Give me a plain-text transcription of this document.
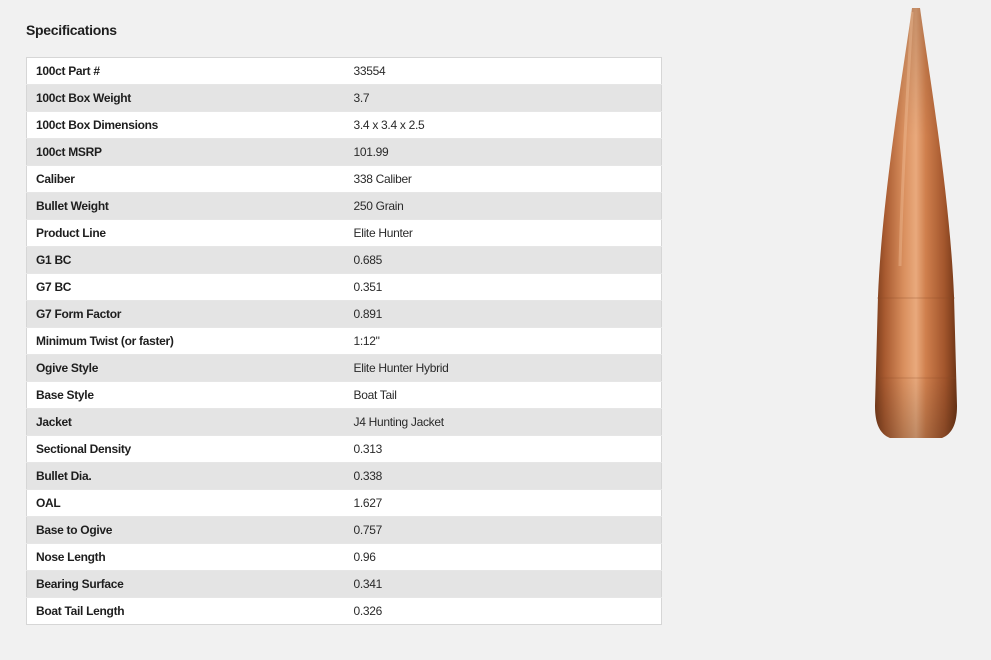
Specifications
100ct Part #	33554
100ct Box Weight	3.7
100ct Box Dimensions	3.4 x 3.4 x 2.5
100ct MSRP	101.99
Caliber	338 Caliber
Bullet Weight	250 Grain
Product Line	Elite Hunter
G1 BC	0.685
G7 BC	0.351
G7 Form Factor	0.891
Minimum Twist (or faster)	1:12"
Ogive Style	Elite Hunter Hybrid
Base Style	Boat Tail
Jacket	J4 Hunting Jacket
Sectional Density	0.313
Bullet Dia.	0.338
OAL	1.627
Base to Ogive	0.757
Nose Length	0.96
Bearing Surface	0.341
Boat Tail Length	0.326
